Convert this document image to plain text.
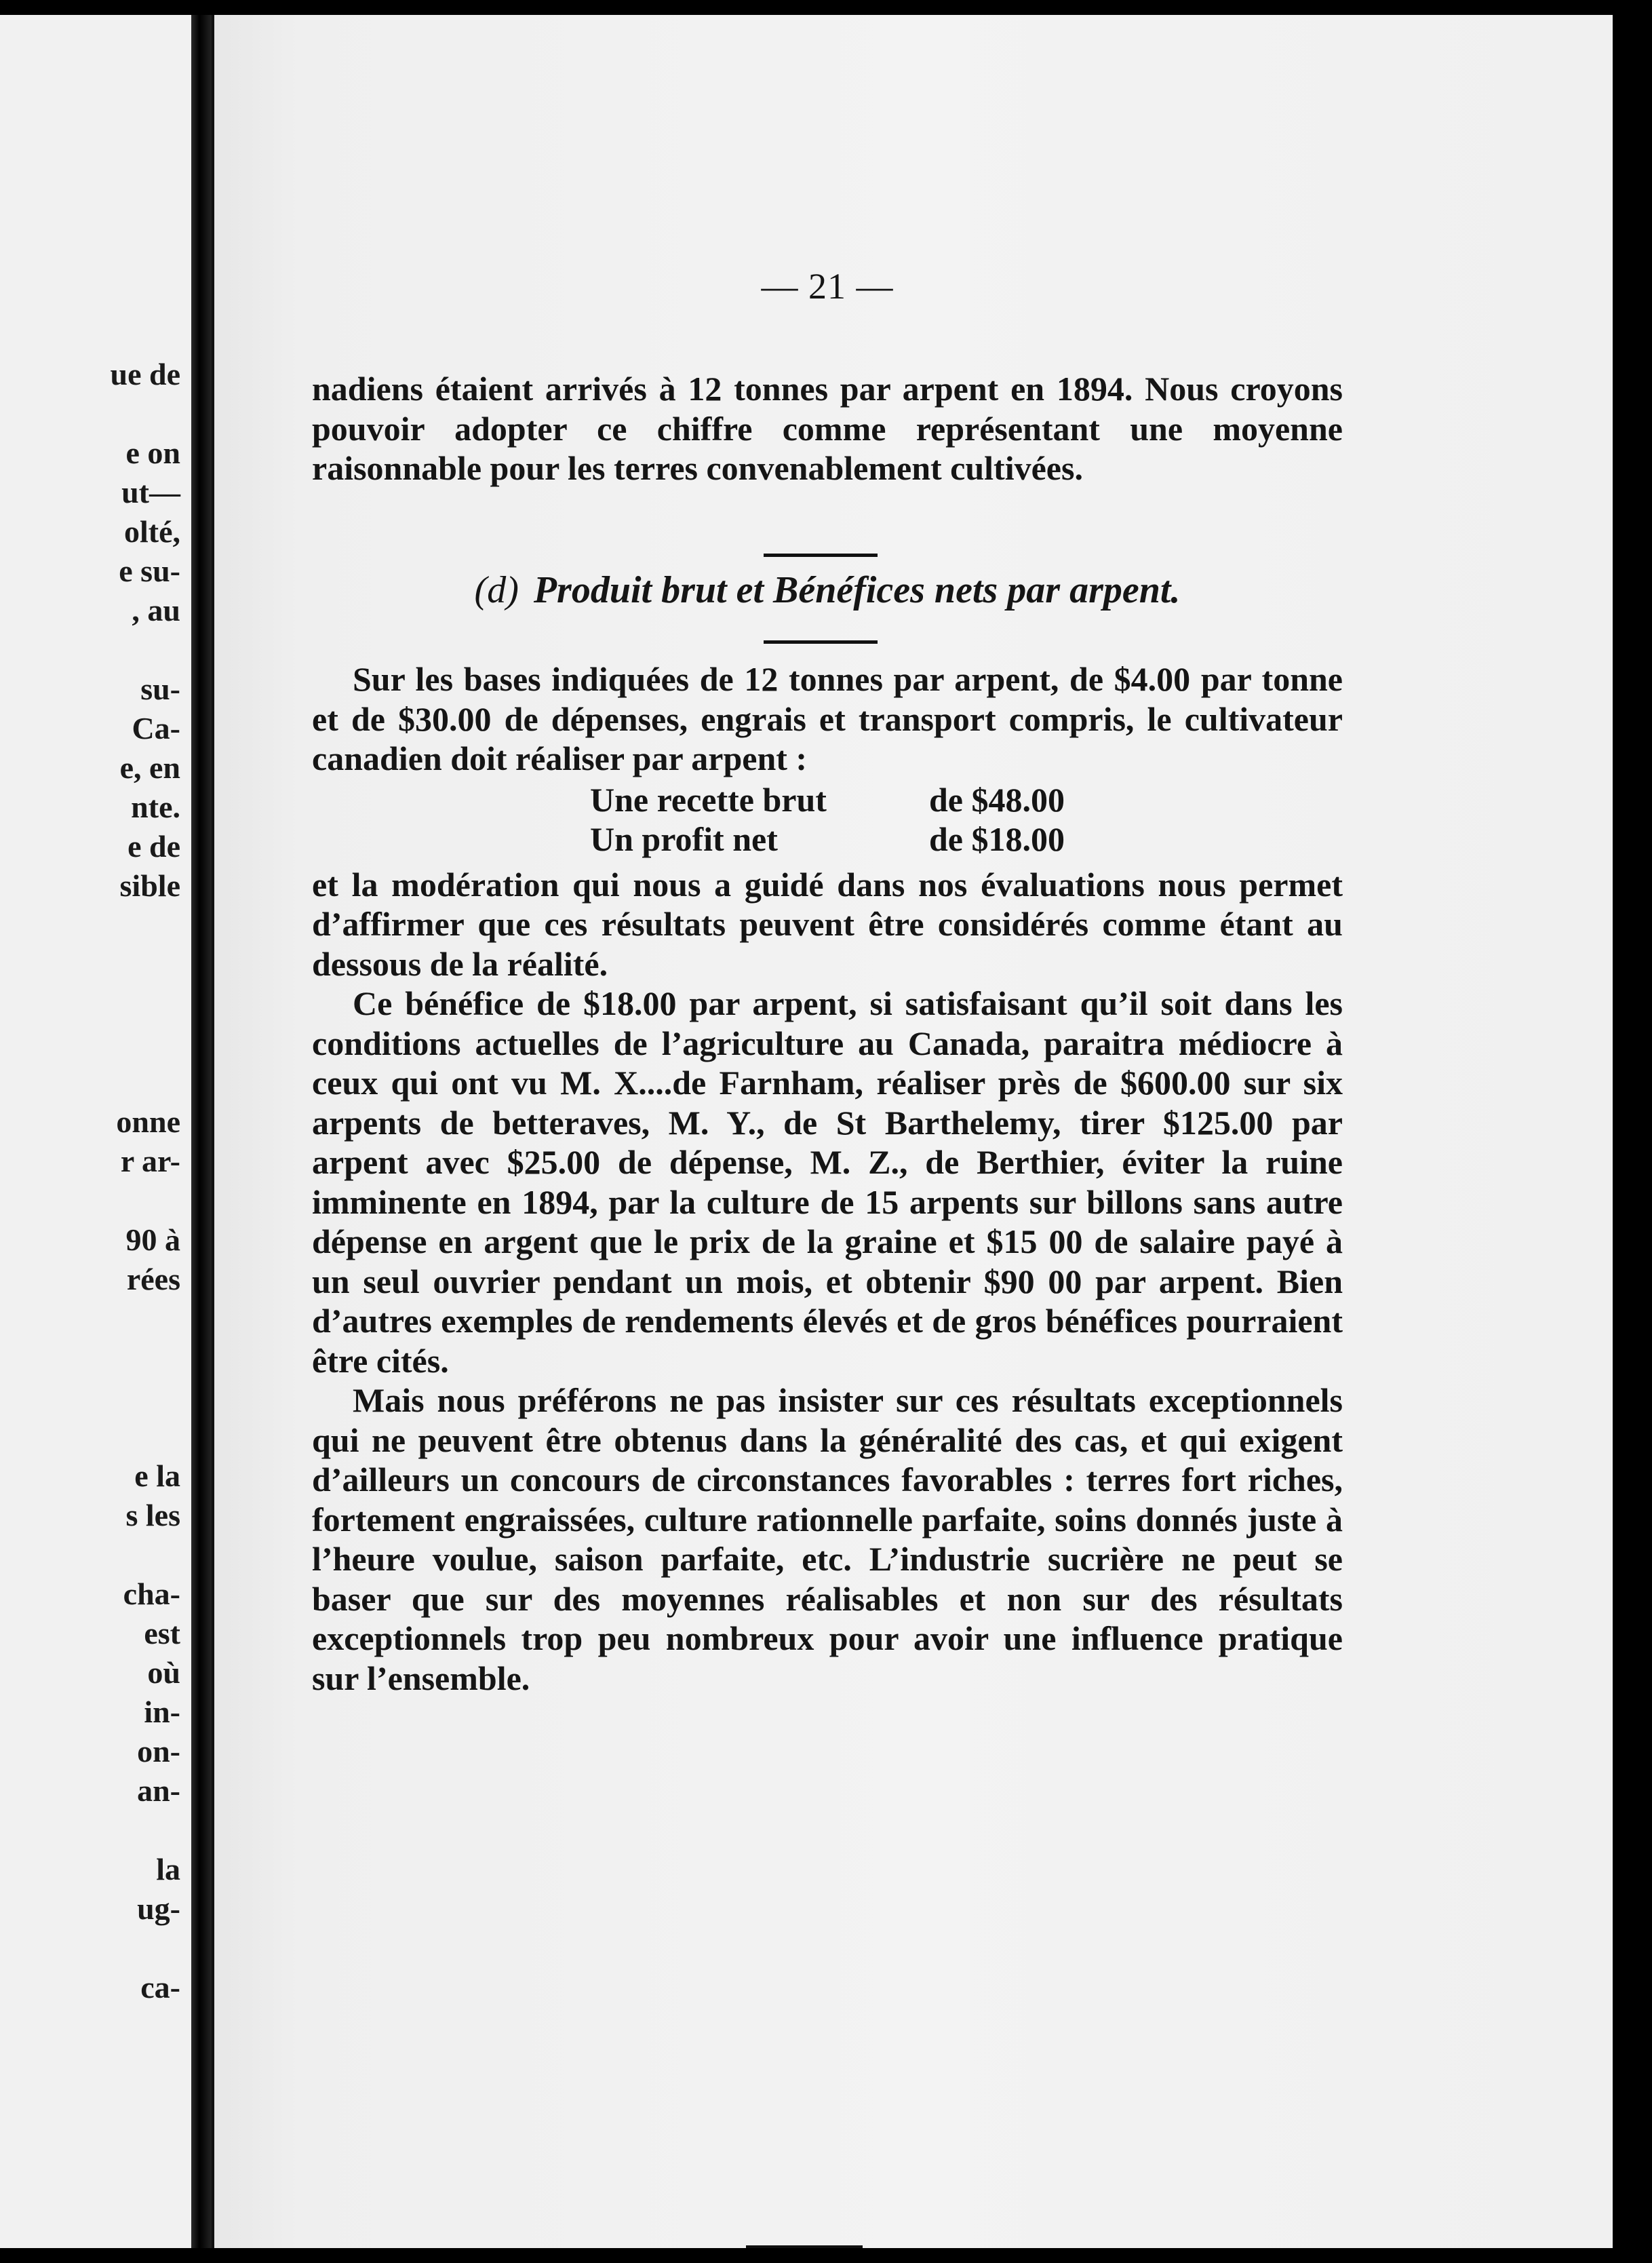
ue de

e on

ut—

olté,

e su-

, au

su-

Ca-

e, en

nte.

e de

sible

onne

r ar-

90 à

rées

e la

s les

cha-

est

où

in-

on-

an-

la

ug-

ca-

— 21 —

nadiens étaient arrivés à 12 tonnes par arpent en 1894. Nous croyons pouvoir adopter ce chiffre comme représentant une moyenne raisonnable pour les terres convenablement cultivées.

(d) Produit brut et Bénéfices nets par arpent.

Sur les bases indiquées de 12 tonnes par arpent, de $4.00 par tonne et de $30.00 de dépenses, engrais et transport compris, le cultivateur canadien doit réaliser par arpent :

Une recette brut	de $48.00
Un profit net	de $18.00

et la modération qui nous a guidé dans nos évaluations nous permet d’affirmer que ces résultats peuvent être considérés comme étant au dessous de la réalité.

Ce bénéfice de $18.00 par arpent, si satisfaisant qu’il soit dans les conditions actuelles de l’agriculture au Canada, paraitra médiocre à ceux qui ont vu M. X....de Farnham, réaliser près de $600.00 sur six arpents de betteraves, M. Y., de St Barthelemy, tirer $125.00 par arpent avec $25.00 de dépense, M. Z., de Berthier, éviter la ruine imminente en 1894, par la culture de 15 arpents sur billons sans autre dépense en argent que le prix de la graine et $15 00 de salaire payé à un seul ouvrier pendant un mois, et obtenir $90 00 par arpent. Bien d’autres exemples de rendements élevés et de gros bénéfices pourraient être cités.

Mais nous préférons ne pas insister sur ces résultats exceptionnels qui ne peuvent être obtenus dans la généralité des cas, et qui exigent d’ailleurs un concours de circonstances favorables : terres fort riches, fortement engraissées, culture rationnelle parfaite, soins donnés juste à l’heure voulue, saison parfaite, etc. L’industrie sucrière ne peut se baser que sur des moyennes réalisables et non sur des résultats exceptionnels trop peu nombreux pour avoir une influence pratique sur l’ensemble.
